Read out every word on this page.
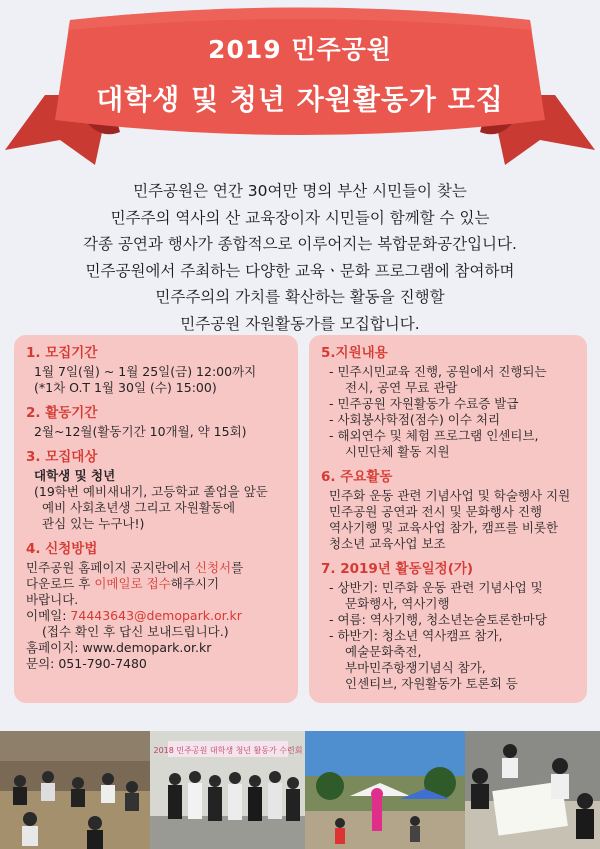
2019 민주공원
대학생 및 청년 자원활동가 모집
민주공원은 연간 30여만 명의 부산 시민들이 찾는
민주주의 역사의 산 교육장이자 시민들이 함께할 수 있는
각종 공연과 행사가 종합적으로 이루어지는 복합문화공간입니다.
민주공원에서 주최하는 다양한 교육ㆍ문화 프로그램에 참여하며
민주주의의 가치를 확산하는 활동을 진행할
민주공원 자원활동가를 모집합니다.
1. 모집기간
1월 7일(월) ~ 1월 25일(금) 12:00까지
(*1차 O.T 1월 30일 (수) 15:00)
2. 활동기간
2월~12월(활동기간 10개월, 약 15회)
3. 모집대상
대학생 및 청년
(19학번 예비새내기, 고등학교 졸업을 앞둔
예비 사회초년생 그리고 자원활동에
관심 있는 누구나!)
4. 신청방법
민주공원 홈페이지 공지란에서 신청서를
다운로드 후 이메일로 접수해주시기
바랍니다.
이메일: 74443643@demopark.or.kr
(접수 확인 후 답신 보내드립니다.)
홈페이지: www.demopark.or.kr
문의: 051-790-7480
5.지원내용
- 민주시민교육 진행, 공원에서 진행되는
전시, 공연 무료 관람
- 민주공원 자원활동가 수료증 발급
- 사회봉사학점(점수) 이수 처리
- 해외연수 및 체험 프로그램 인센티브,
시민단체 활동 지원
6. 주요활동
민주화 운동 관련 기념사업 및 학술행사 지원
민주공원 공연과 전시 및 문화행사 진행
역사기행 및 교육사업 참가, 캠프를 비롯한
청소년 교육사업 보조
7. 2019년 활동일정(가)
- 상반기: 민주화 운동 관련 기념사업 및
문화행사, 역사기행
- 여름: 역사기행, 청소년논술토론한마당
- 하반기: 청소년 역사캠프 참가,
예술문화축전,
부마민주항쟁기념식 참가,
인센티브, 자원활동가 토론회 등
2018 민주공원 대학생 청년 활동가 수련회
